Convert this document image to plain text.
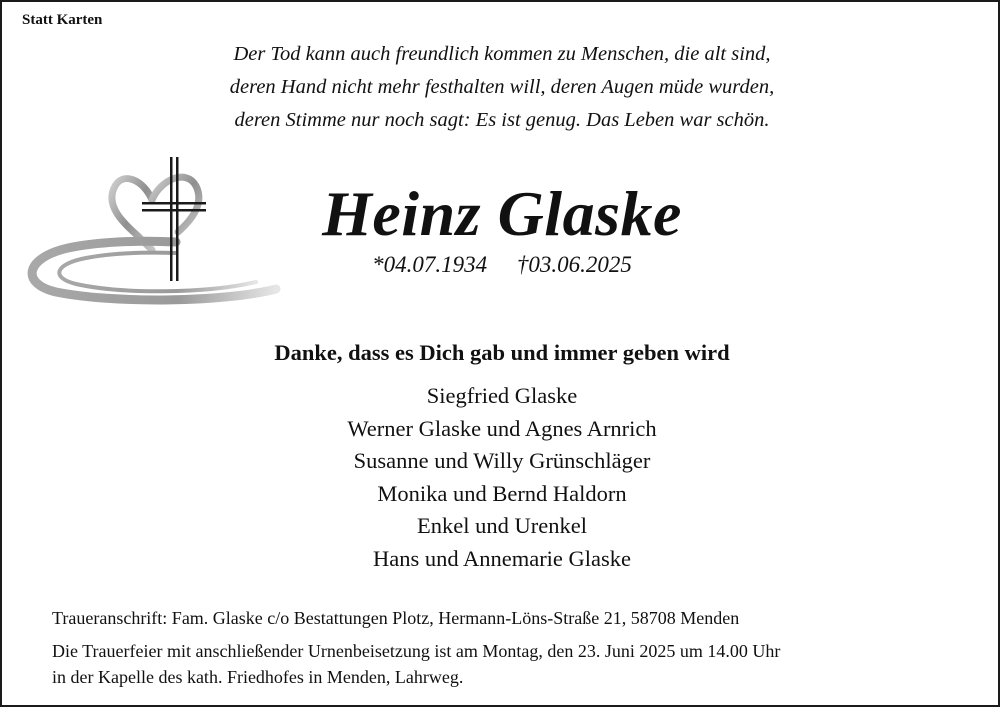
Statt Karten
Der Tod kann auch freundlich kommen zu Menschen, die alt sind,
deren Hand nicht mehr festhalten will, deren Augen müde wurden,
deren Stimme nur noch sagt: Es ist genug. Das Leben war schön.
Heinz Glaske
*04.07.1934 †03.06.2025
Danke, dass es Dich gab und immer geben wird
Siegfried Glaske
Werner Glaske und Agnes Arnrich
Susanne und Willy Grünschläger
Monika und Bernd Haldorn
Enkel und Urenkel
Hans und Annemarie Glaske
Traueranschrift: Fam. Glaske c/o Bestattungen Plotz, Hermann-Löns-Straße 21, 58708 Menden
Die Trauerfeier mit anschließender Urnenbeisetzung ist am Montag, den 23. Juni 2025 um 14.00 Uhr
in der Kapelle des kath. Friedhofes in Menden, Lahrweg.
